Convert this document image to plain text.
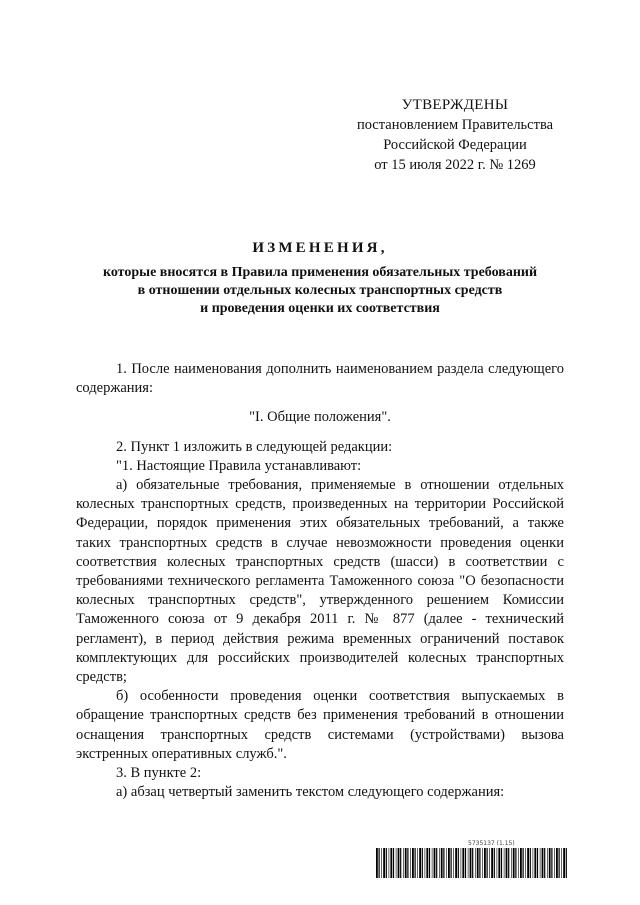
УТВЕРЖДЕНЫ
постановлением Правительства
Российской Федерации
от 15 июля 2022 г. № 1269
ИЗМЕНЕНИЯ,
которые вносятся в Правила применения обязательных требований
в отношении отдельных колесных транспортных средств
и проведения оценки их соответствия

1. После наименования дополнить наименованием раздела следующего содержания:

"I. Общие положения".

2. Пункт 1 изложить в следующей редакции:

"1. Настоящие Правила устанавливают:

а) обязательные требования, применяемые в отношении отдельных колесных транспортных средств, произведенных на территории Российской Федерации, порядок применения этих обязательных требований, а также таких транспортных средств в случае невозможности проведения оценки соответствия колесных транспортных средств (шасси) в соответствии с требованиями технического регламента Таможенного союза "О безопасности колесных транспортных средств", утвержденного решением Комиссии Таможенного союза от 9 декабря 2011 г. № 877 (далее - технический регламент), в период действия режима временных ограничений поставок комплектующих для российских производителей колесных транспортных средств;

б) особенности проведения оценки соответствия выпускаемых в обращение транспортных средств без применения требований в отношении оснащения транспортных средств системами (устройствами) вызова экстренных оперативных служб.".

3. В пункте 2:

а) абзац четвертый заменить текстом следующего содержания:

5735137 (1.15)
